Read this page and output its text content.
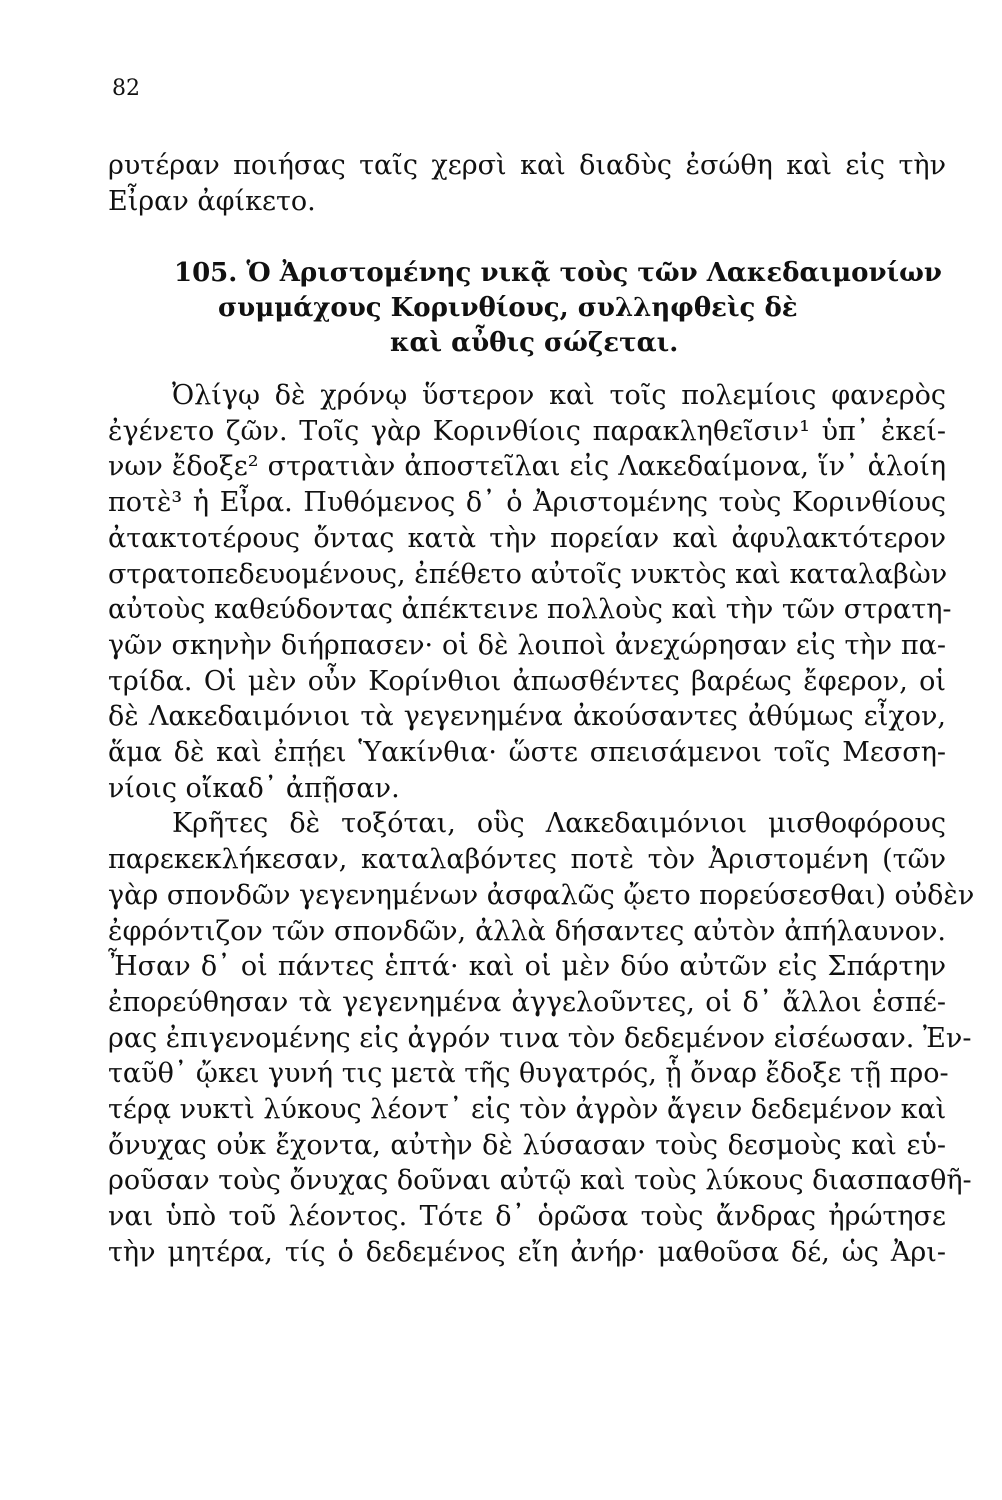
82
ρυτέραν ποιήσας ταῖς χερσὶ καὶ διαδὺς ἐσώθη καὶ εἰς τὴν
Εἶραν ἀφίκετο.
105. Ὁ Ἀριστομένης νικᾷ τοὺς τῶν Λακεδαιμονίων
συμμάχους Κορινθίους, συλληφθεὶς δὲ
καὶ αὖθις σώζεται.
Ὀλίγῳ δὲ χρόνῳ ὕστερον καὶ τοῖς πολεμίοις φανερὸς
ἐγένετο ζῶν. Τοῖς γὰρ Κορινθίοις παρακληθεῖσιν¹ ὑπ᾽ ἐκεί-
νων ἔδοξε² στρατιὰν ἀποστεῖλαι εἰς Λακεδαίμονα, ἵν᾽ ἁλοίη
ποτὲ³ ἡ Εἶρα. Πυθόμενος δ᾽ ὁ Ἀριστομένης τοὺς Κορινθίους
ἀτακτοτέρους ὄντας κατὰ τὴν πορείαν καὶ ἀφυλακτότερον
στρατοπεδευομένους, ἐπέθετο αὐτοῖς νυκτὸς καὶ καταλαβὼν
αὐτοὺς καθεύδοντας ἀπέκτεινε πολλοὺς καὶ τὴν τῶν στρατη-
γῶν σκηνὴν διήρπασεν· οἱ δὲ λοιποὶ ἀνεχώρησαν εἰς τὴν πα-
τρίδα. Οἱ μὲν οὖν Κορίνθιοι ἀπωσθέντες βαρέως ἔφερον, οἱ
δὲ Λακεδαιμόνιοι τὰ γεγενημένα ἀκούσαντες ἀθύμως εἶχον,
ἅμα δὲ καὶ ἐπῄει Ὑακίνθια· ὥστε σπεισάμενοι τοῖς Μεσση-
νίοις οἴκαδ᾽ ἀπῇσαν.
Κρῆτες δὲ τοξόται, οὓς Λακεδαιμόνιοι μισθοφόρους
παρεκεκλήκεσαν, καταλαβόντες ποτὲ τὸν Ἀριστομένη (τῶν
γὰρ σπονδῶν γεγενημένων ἀσφαλῶς ᾤετο πορεύσεσθαι) οὐδὲν
ἐφρόντιζον τῶν σπονδῶν, ἀλλὰ δήσαντες αὐτὸν ἀπήλαυνον.
Ἦσαν δ᾽ οἱ πάντες ἑπτά· καὶ οἱ μὲν δύο αὐτῶν εἰς Σπάρτην
ἐπορεύθησαν τὰ γεγενημένα ἀγγελοῦντες, οἱ δ᾽ ἄλλοι ἑσπέ-
ρας ἐπιγενομένης εἰς ἀγρόν τινα τὸν δεδεμένον εἰσέωσαν. Ἐν-
ταῦθ᾽ ᾤκει γυνή τις μετὰ τῆς θυγατρός, ᾗ ὄναρ ἔδοξε τῇ προ-
τέρᾳ νυκτὶ λύκους λέοντ᾽ εἰς τὸν ἀγρὸν ἄγειν δεδεμένον καὶ
ὄνυχας οὐκ ἔχοντα, αὐτὴν δὲ λύσασαν τοὺς δεσμοὺς καὶ εὑ-
ροῦσαν τοὺς ὄνυχας δοῦναι αὐτῷ καὶ τοὺς λύκους διασπασθῆ-
ναι ὑπὸ τοῦ λέοντος. Τότε δ᾽ ὁρῶσα τοὺς ἄνδρας ἠρώτησε
τὴν μητέρα, τίς ὁ δεδεμένος εἴη ἀνήρ· μαθοῦσα δέ, ὡς Ἀρι-
